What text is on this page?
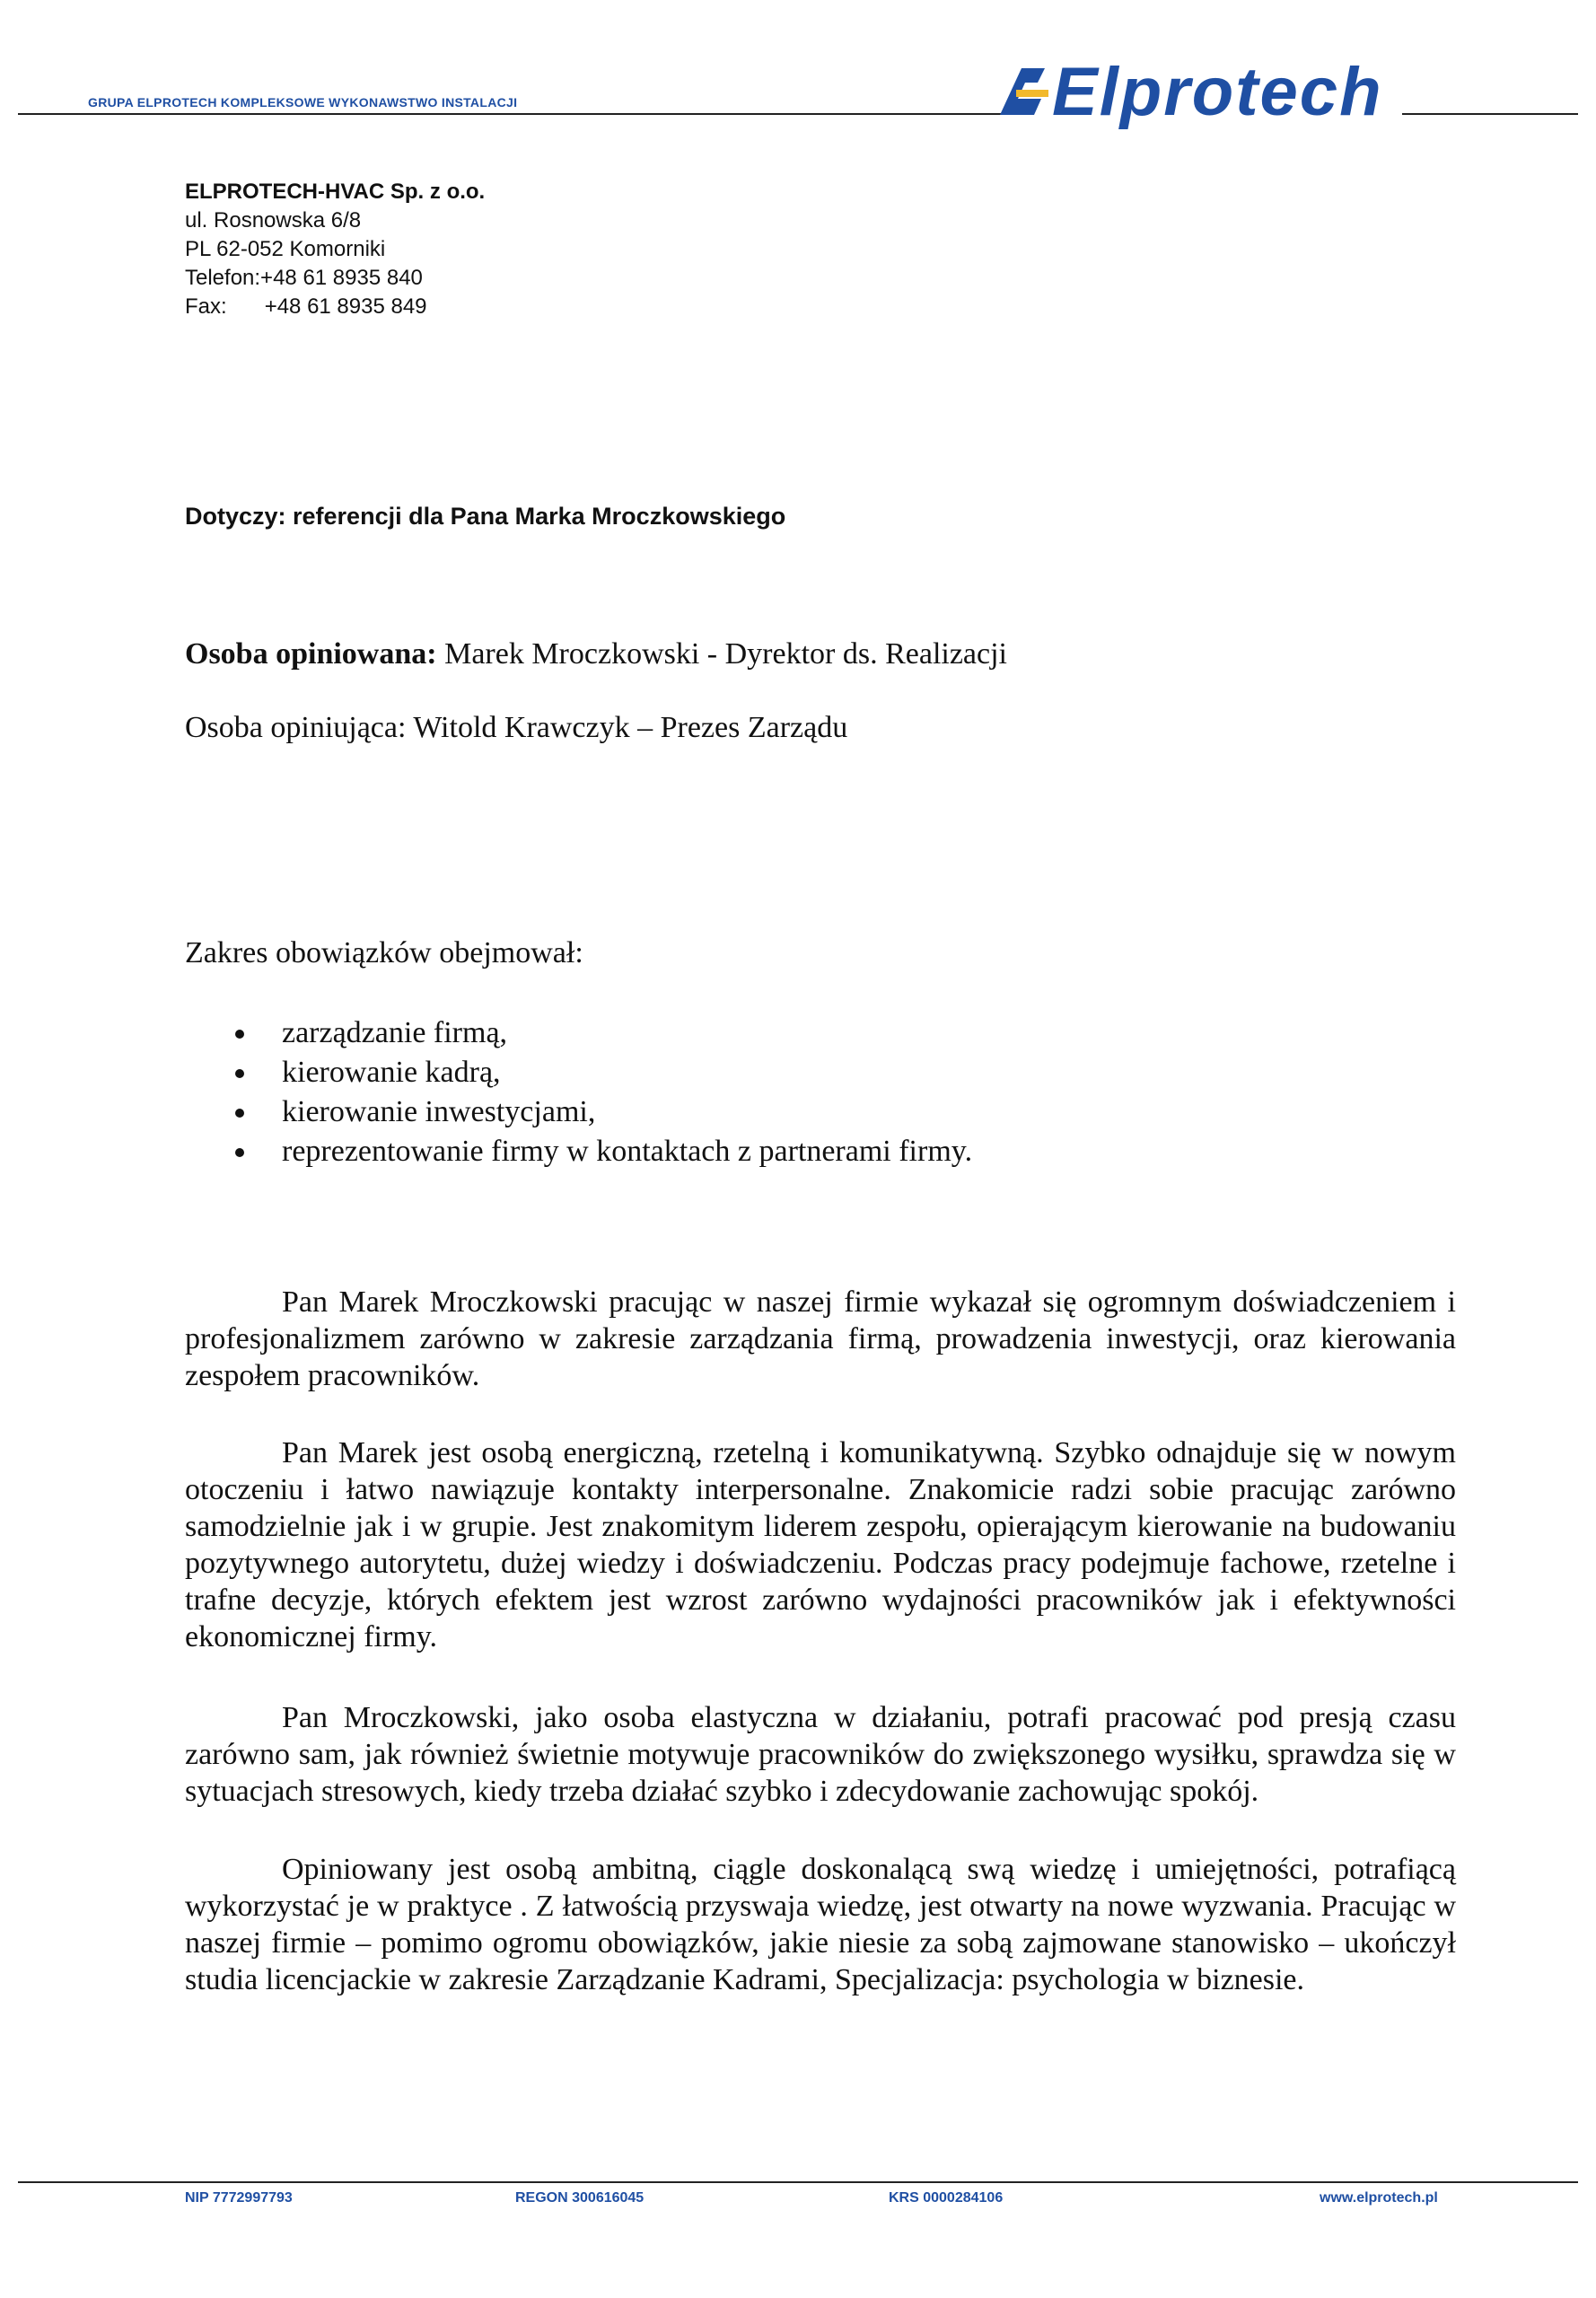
GRUPA ELPROTECH KOMPLEKSOWE WYKONAWSTWO INSTALACJI	Elprotech
ELPROTECH-HVAC Sp. z o.o.
ul. Rosnowska 6/8
PL 62-052 Komorniki
Telefon:+48 61 8935 840
Fax: +48 61 8935 849
Dotyczy: referencji dla Pana Marka Mroczkowskiego
Osoba opiniowana: Marek Mroczkowski - Dyrektor ds. Realizacji
Osoba opiniująca: Witold Krawczyk – Prezes Zarządu
Zakres obowiązków obejmował:
zarządzanie firmą,
kierowanie kadrą,
kierowanie inwestycjami,
reprezentowanie firmy w kontaktach z partnerami firmy.

Pan Marek Mroczkowski pracując w naszej firmie wykazał się ogromnym doświadczeniem i profesjonalizmem zarówno w zakresie zarządzania firmą, prowadzenia inwestycji, oraz kierowania zespołem pracowników.

Pan Marek jest osobą energiczną, rzetelną i komunikatywną. Szybko odnajduje się w nowym otoczeniu i łatwo nawiązuje kontakty interpersonalne. Znakomicie radzi sobie pracując zarówno samodzielnie jak i w grupie. Jest znakomitym liderem zespołu, opierającym kierowanie na budowaniu pozytywnego autorytetu, dużej wiedzy i doświadczeniu. Podczas pracy podejmuje fachowe, rzetelne i trafne decyzje, których efektem jest wzrost zarówno wydajności pracowników jak i efektywności ekonomicznej firmy.

Pan Mroczkowski, jako osoba elastyczna w działaniu, potrafi pracować pod presją czasu zarówno sam, jak również świetnie motywuje pracowników do zwiększonego wysiłku, sprawdza się w sytuacjach stresowych, kiedy trzeba działać szybko i zdecydowanie zachowując spokój.

Opiniowany jest osobą ambitną, ciągle doskonalącą swą wiedzę i umiejętności, potrafiącą wykorzystać je w praktyce . Z łatwością przyswaja wiedzę, jest otwarty na nowe wyzwania. Pracując w naszej firmie – pomimo ogromu obowiązków, jakie niesie za sobą zajmowane stanowisko – ukończył studia licencjackie w zakresie Zarządzanie Kadrami, Specjalizacja: psychologia w biznesie.

NIP 7772997793	REGON 300616045	KRS 0000284106	www.elprotech.pl
